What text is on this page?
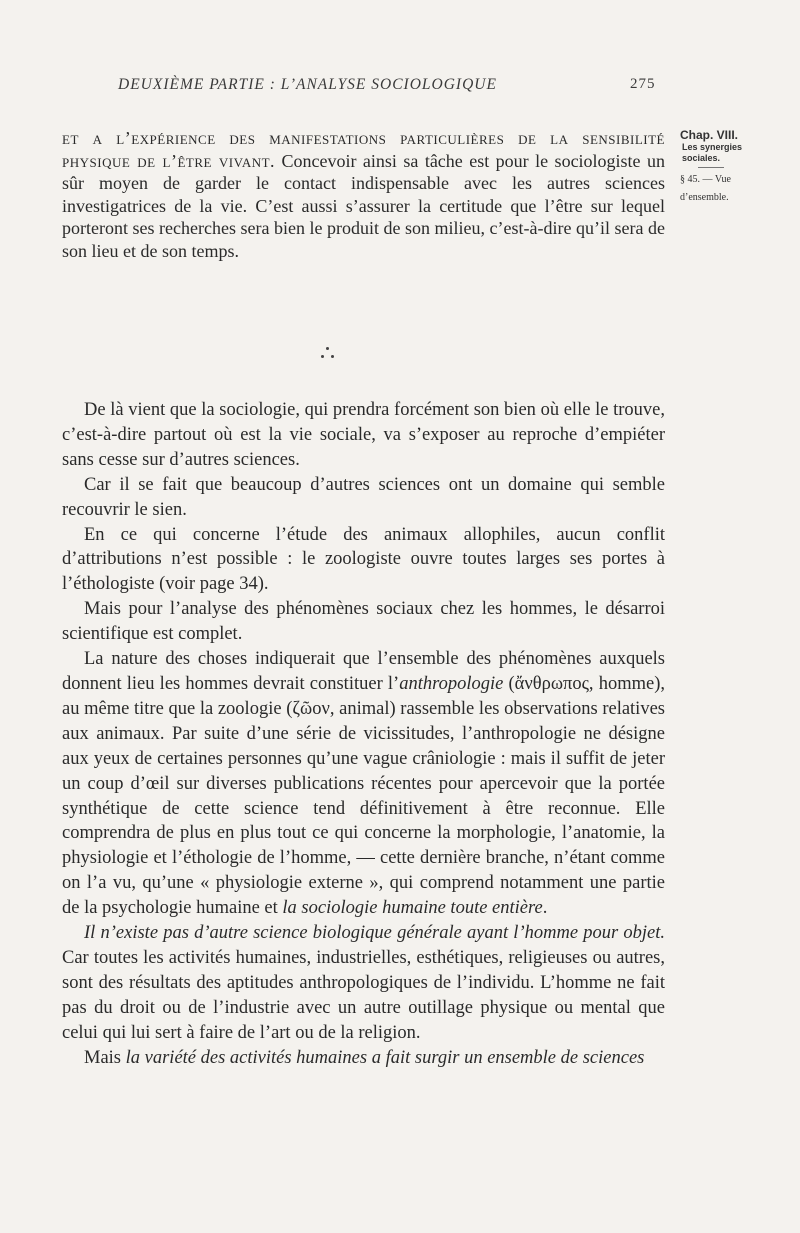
DEUXIÈME PARTIE : L’ANALYSE SOCIOLOGIQUE	275
Chap. VIII.
Les synergies
sociales.
§ 45. — Vue
d’ensemble.

et a l’expérience des manifestations particulières de la sensibilité physique de l’être vivant. Concevoir ainsi sa tâche est pour le sociologiste un sûr moyen de garder le contact indispensable avec les autres sciences investigatrices de la vie. C’est aussi s’assurer la certitude que l’être sur lequel porteront ses recherches sera bien le produit de son milieu, c’est-à-dire qu’il sera de son lieu et de son temps.

De là vient que la sociologie, qui prendra forcément son bien où elle le trouve, c’est-à-dire partout où est la vie sociale, va s’exposer au reproche d’empiéter sans cesse sur d’autres sciences.

Car il se fait que beaucoup d’autres sciences ont un domaine qui semble recouvrir le sien.

En ce qui concerne l’étude des animaux allophiles, aucun conflit d’attributions n’est possible : le zoologiste ouvre toutes larges ses portes à l’éthologiste (voir page 34).

Mais pour l’analyse des phénomènes sociaux chez les hommes, le désarroi scientifique est complet.

La nature des choses indiquerait que l’ensemble des phénomènes auxquels donnent lieu les hommes devrait constituer l’anthropologie (ἄνθρωπος, homme), au même titre que la zoologie (ζῶον, animal) rassemble les observations relatives aux animaux. Par suite d’une série de vicissitudes, l’anthropologie ne désigne aux yeux de certaines personnes qu’une vague crâniologie : mais il suffit de jeter un coup d’œil sur diverses publications récentes pour apercevoir que la portée synthétique de cette science tend définitivement à être reconnue. Elle comprendra de plus en plus tout ce qui concerne la morphologie, l’anatomie, la physiologie et l’éthologie de l’homme, — cette dernière branche, n’étant comme on l’a vu, qu’une « physiologie externe », qui comprend notamment une partie de la psychologie humaine et la sociologie humaine toute entière.

Il n’existe pas d’autre science biologique générale ayant l’homme pour objet. Car toutes les activités humaines, industrielles, esthétiques, religieuses ou autres, sont des résultats des aptitudes anthropologiques de l’individu. L’homme ne fait pas du droit ou de l’industrie avec un autre outillage physique ou mental que celui qui lui sert à faire de l’art ou de la religion.

Mais la variété des activités humaines a fait surgir un ensemble de sciences
